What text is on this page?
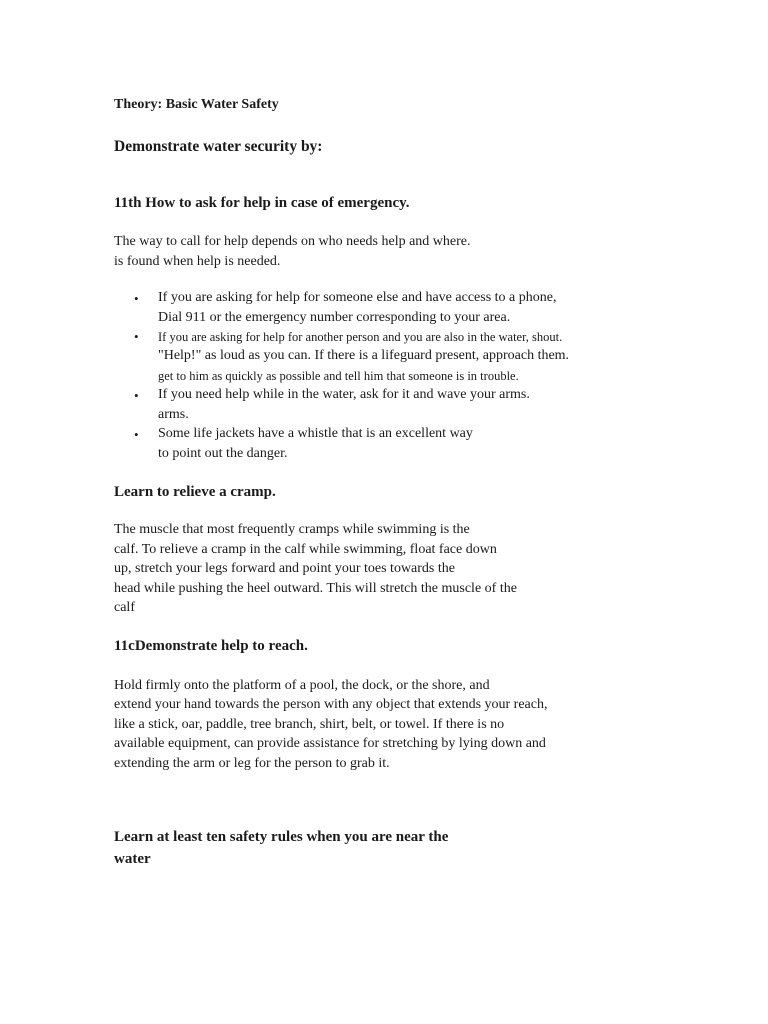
Theory: Basic Water Safety
Demonstrate water security by:
11th How to ask for help in case of emergency.
The way to call for help depends on who needs help and where.
is found when help is needed.
• If you are asking for help for someone else and have access to a phone,
Dial 911 or the emergency number corresponding to your area.
• If you are asking for help for another person and you are also in the water, shout.
"Help!" as loud as you can. If there is a lifeguard present, approach them.
get to him as quickly as possible and tell him that someone is in trouble.
• If you need help while in the water, ask for it and wave your arms.
arms.
• Some life jackets have a whistle that is an excellent way
to point out the danger.
Learn to relieve a cramp.
The muscle that most frequently cramps while swimming is the
calf. To relieve a cramp in the calf while swimming, float face down
up, stretch your legs forward and point your toes towards the
head while pushing the heel outward. This will stretch the muscle of the
calf
11cDemonstrate help to reach.
Hold firmly onto the platform of a pool, the dock, or the shore, and
extend your hand towards the person with any object that extends your reach,
like a stick, oar, paddle, tree branch, shirt, belt, or towel. If there is no
available equipment, can provide assistance for stretching by lying down and
extending the arm or leg for the person to grab it.
Learn at least ten safety rules when you are near the
water
